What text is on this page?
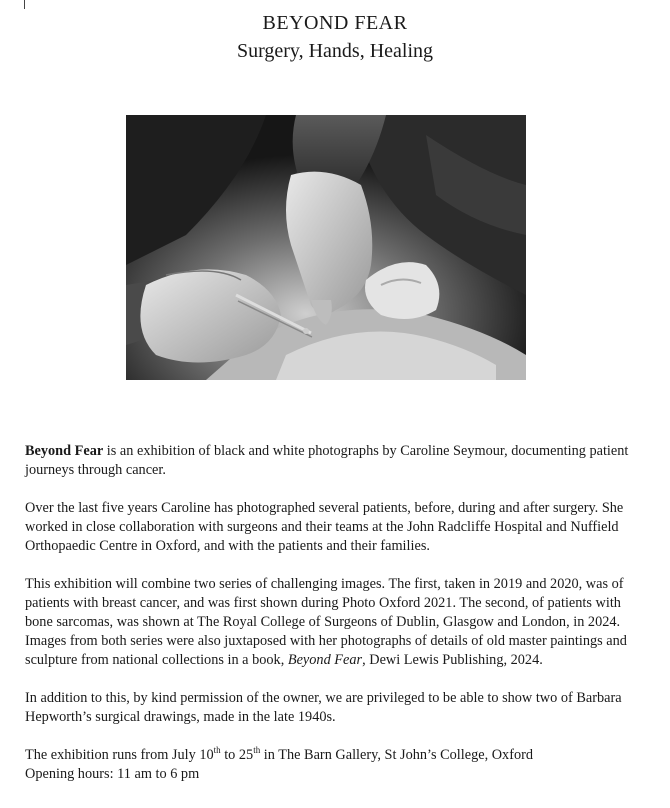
BEYOND FEAR
Surgery, Hands, Healing

Beyond Fear is an exhibition of black and white photographs by Caroline Seymour, documenting patient journeys through cancer.

Over the last five years Caroline has photographed several patients, before, during and after surgery. She worked in close collaboration with surgeons and their teams at the John Radcliffe Hospital and Nuffield Orthopaedic Centre in Oxford, and with the patients and their families.

This exhibition will combine two series of challenging images. The first, taken in 2019 and 2020, was of patients with breast cancer, and was first shown during Photo Oxford 2021. The second, of patients with bone sarcomas, was shown at The Royal College of Surgeons of Dublin, Glasgow and London, in 2024. Images from both series were also juxtaposed with her photographs of details of old master paintings and sculpture from national collections in a book, Beyond Fear, Dewi Lewis Publishing, 2024.

In addition to this, by kind permission of the owner, we are privileged to be able to show two of Barbara Hepworth’s surgical drawings, made in the late 1940s.

The exhibition runs from July 10th to 25th in The Barn Gallery, St John’s College, Oxford
Opening hours: 11 am to 6 pm
